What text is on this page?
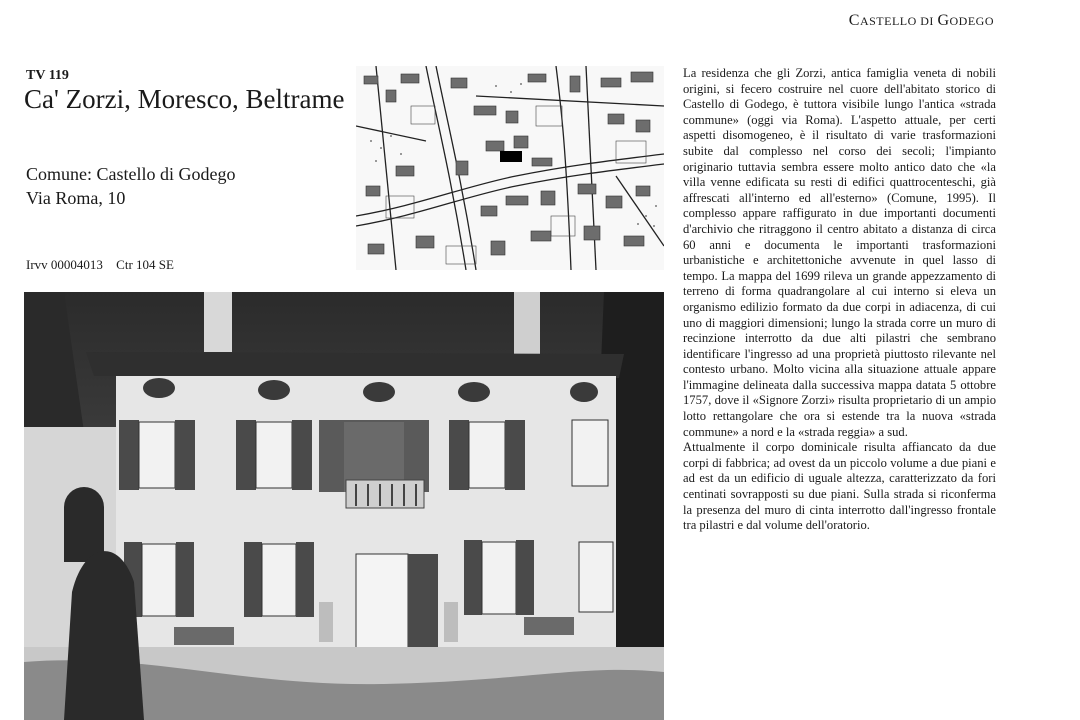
CASTELLO DI GODEGO
TV 119
Ca' Zorzi, Moresco, Beltrame
Comune: Castello di Godego
Via Roma, 10
Irvv 00004013 Ctr 104 SE

La residenza che gli Zorzi, antica famiglia veneta di nobili origini, si fecero costruire nel cuore dell'abitato storico di Castello di Godego, è tuttora visibile lungo l'antica «strada commune» (oggi via Roma). L'aspetto attuale, per certi aspetti disomogeneo, è il risultato di varie trasformazioni subite dal complesso nel corso dei secoli; l'impianto originario tuttavia sembra essere molto antico dato che «la villa venne edificata su resti di edifici quattrocenteschi, già affrescati all'interno ed all'esterno» (Comune, 1995). Il complesso appare raffigurato in due importanti documenti d'archivio che ritraggono il centro abitato a distanza di circa 60 anni e documenta le importanti trasformazioni urbanistiche e architettoniche avvenute in quel lasso di tempo. La mappa del 1699 rileva un grande appezzamento di terreno di forma quadrangolare al cui interno si eleva un organismo edilizio formato da due corpi in adiacenza, di cui uno di maggiori dimensioni; lungo la strada corre un muro di recinzione interrotto da due alti pilastri che sembrano identificare l'ingresso ad una proprietà piuttosto rilevante nel contesto urbano. Molto vicina alla situazione attuale appare l'immagine delineata dalla successiva mappa datata 5 ottobre 1757, dove il «Signore Zorzi» risulta proprietario di un ampio lotto rettangolare che ora si estende tra la nuova «strada commune» a nord e la «strada reggia» a sud.

Attualmente il corpo dominicale risulta affiancato da due corpi di fabbrica; ad ovest da un piccolo volume a due piani e ad est da un edificio di uguale altezza, caratterizzato da fori centinati sovrapposti su due piani. Sulla strada si riconferma la presenza del muro di cinta interrotto dall'ingresso frontale tra pilastri e dal volume dell'oratorio.
